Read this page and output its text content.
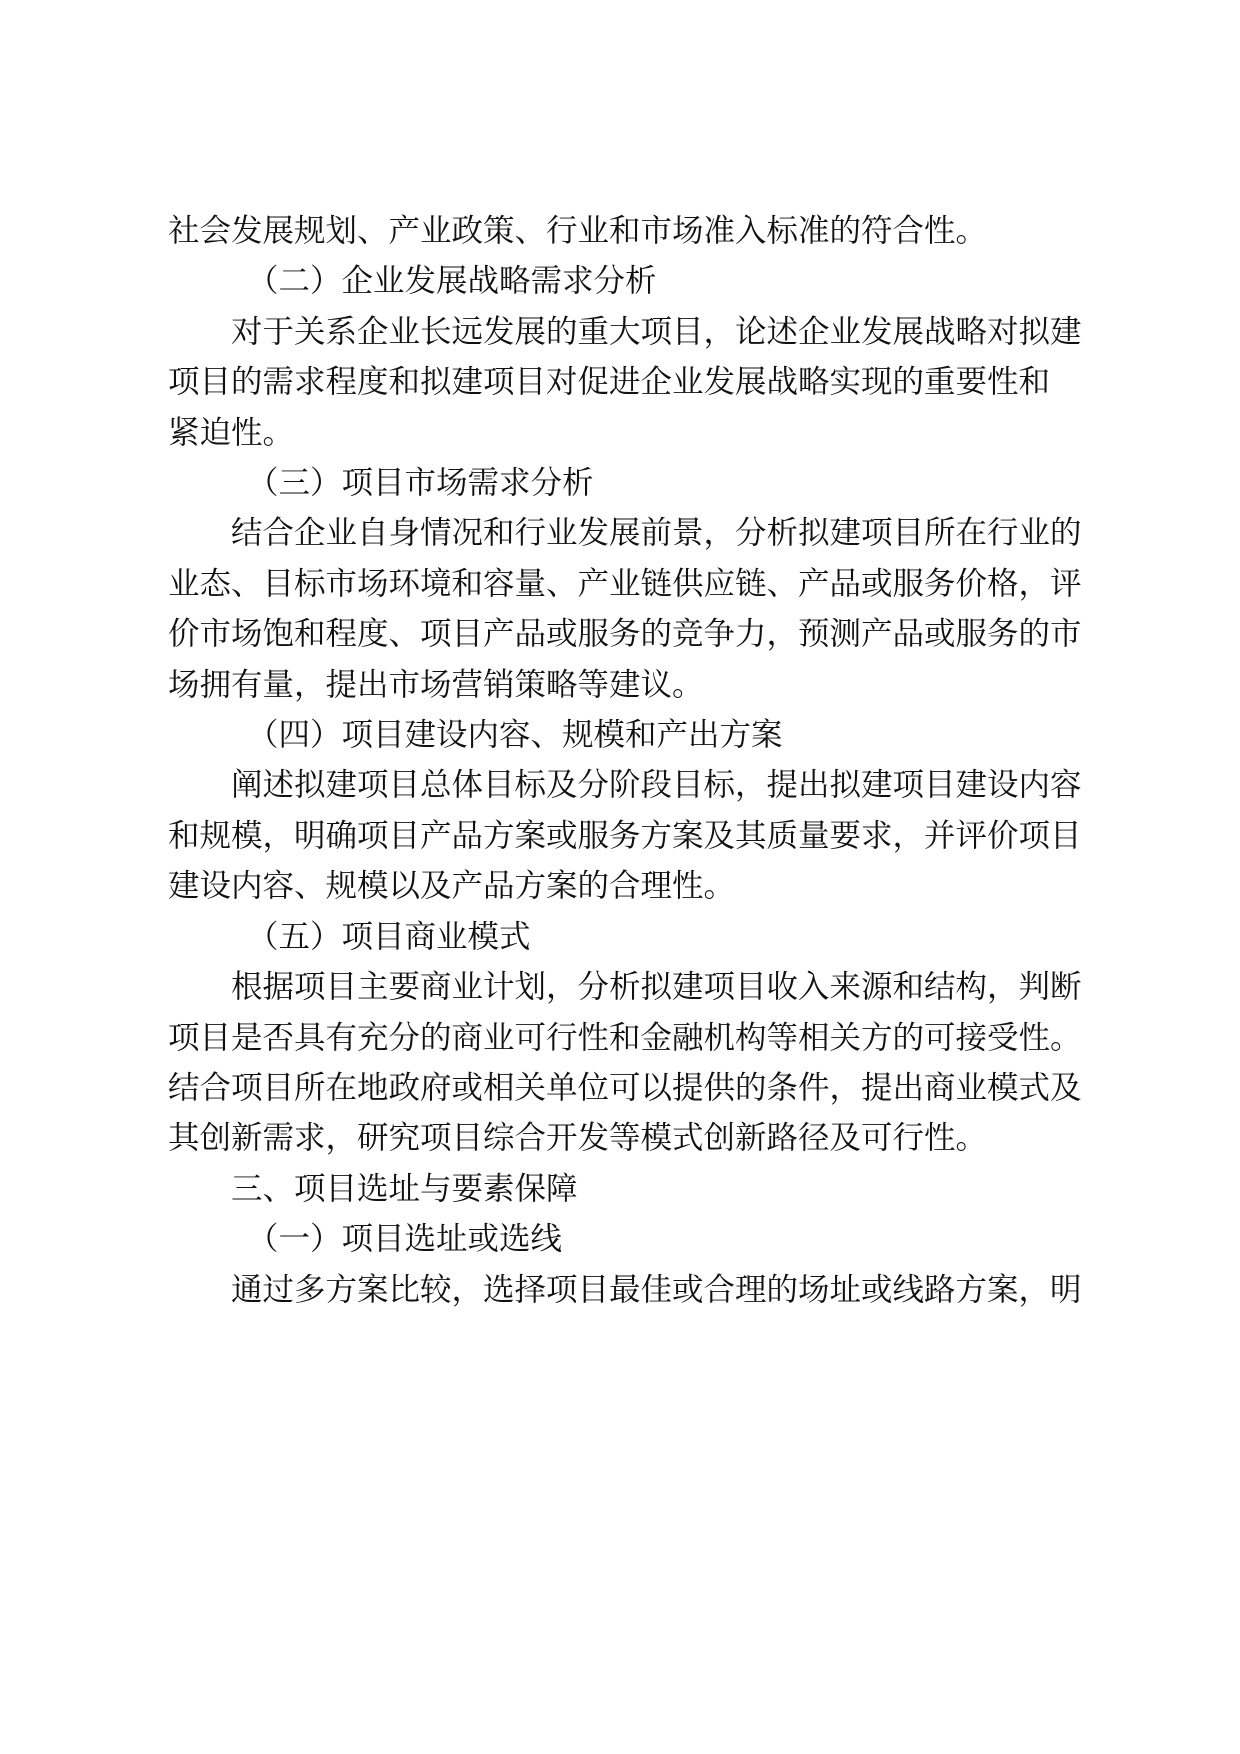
社会发展规划、产业政策、行业和市场准入标准的符合性。

（二）企业发展战略需求分析

对于关系企业长远发展的重大项目，论述企业发展战略对拟建

项目的需求程度和拟建项目对促进企业发展战略实现的重要性和

紧迫性。

（三）项目市场需求分析

结合企业自身情况和行业发展前景，分析拟建项目所在行业的

业态、目标市场环境和容量、产业链供应链、产品或服务价格，评

价市场饱和程度、项目产品或服务的竞争力，预测产品或服务的市

场拥有量，提出市场营销策略等建议。

（四）项目建设内容、规模和产出方案

阐述拟建项目总体目标及分阶段目标，提出拟建项目建设内容

和规模，明确项目产品方案或服务方案及其质量要求，并评价项目

建设内容、规模以及产品方案的合理性。

（五）项目商业模式

根据项目主要商业计划，分析拟建项目收入来源和结构，判断

项目是否具有充分的商业可行性和金融机构等相关方的可接受性。

结合项目所在地政府或相关单位可以提供的条件，提出商业模式及

其创新需求，研究项目综合开发等模式创新路径及可行性。

三、项目选址与要素保障

（一）项目选址或选线

通过多方案比较，选择项目最佳或合理的场址或线路方案，明
